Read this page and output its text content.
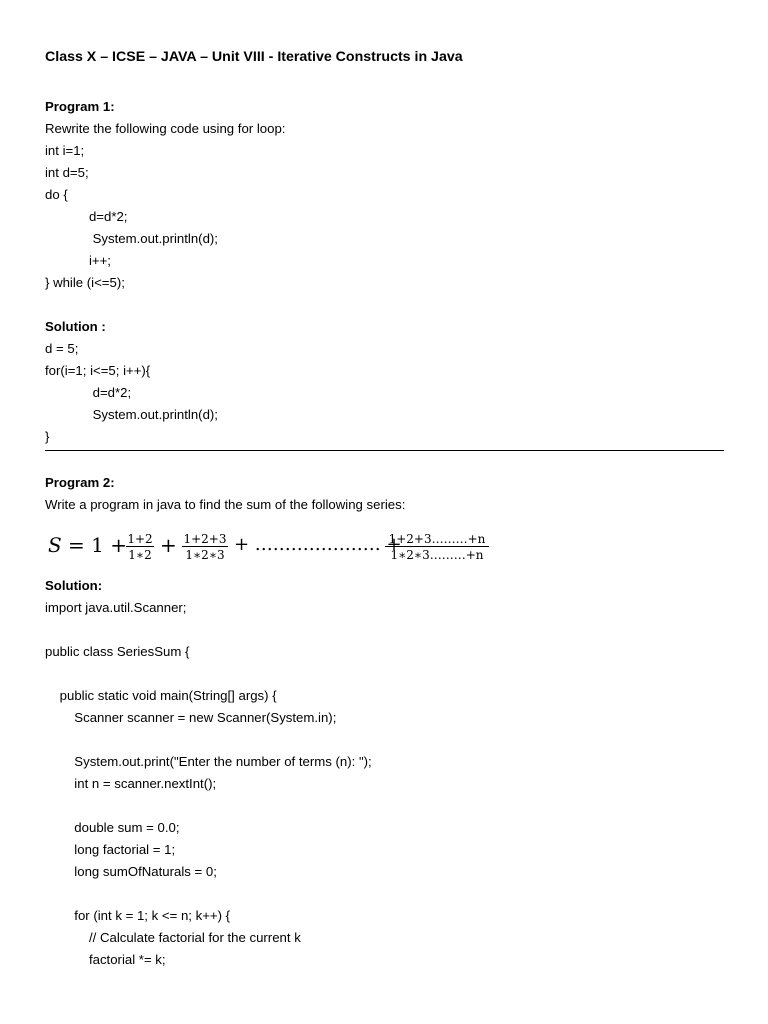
Class X – ICSE – JAVA – Unit VIII - Iterative Constructs in Java
Program 1:
Rewrite the following code using for loop:
int i=1;
int d=5;
do {
d=d*2;
System.out.println(d);
i++;
} while (i<=5);
Solution :
d = 5;
for(i=1; i<=5; i++){
d=d*2;
System.out.println(d);
}
Program 2:
Write a program in java to find the sum of the following series:
S = 1 + 1+2
1∗2 + 1+2+3
1∗2∗3 + ………………… +
1+2+3………+n
1∗2∗3………+n
Solution:
import java.util.Scanner;
public class SeriesSum {
public static void main(String[] args) {
Scanner scanner = new Scanner(System.in);
System.out.print("Enter the number of terms (n): ");
int n = scanner.nextInt();
double sum = 0.0;
long factorial = 1;
long sumOfNaturals = 0;
for (int k = 1; k <= n; k++) {
// Calculate factorial for the current k
factorial *= k;
